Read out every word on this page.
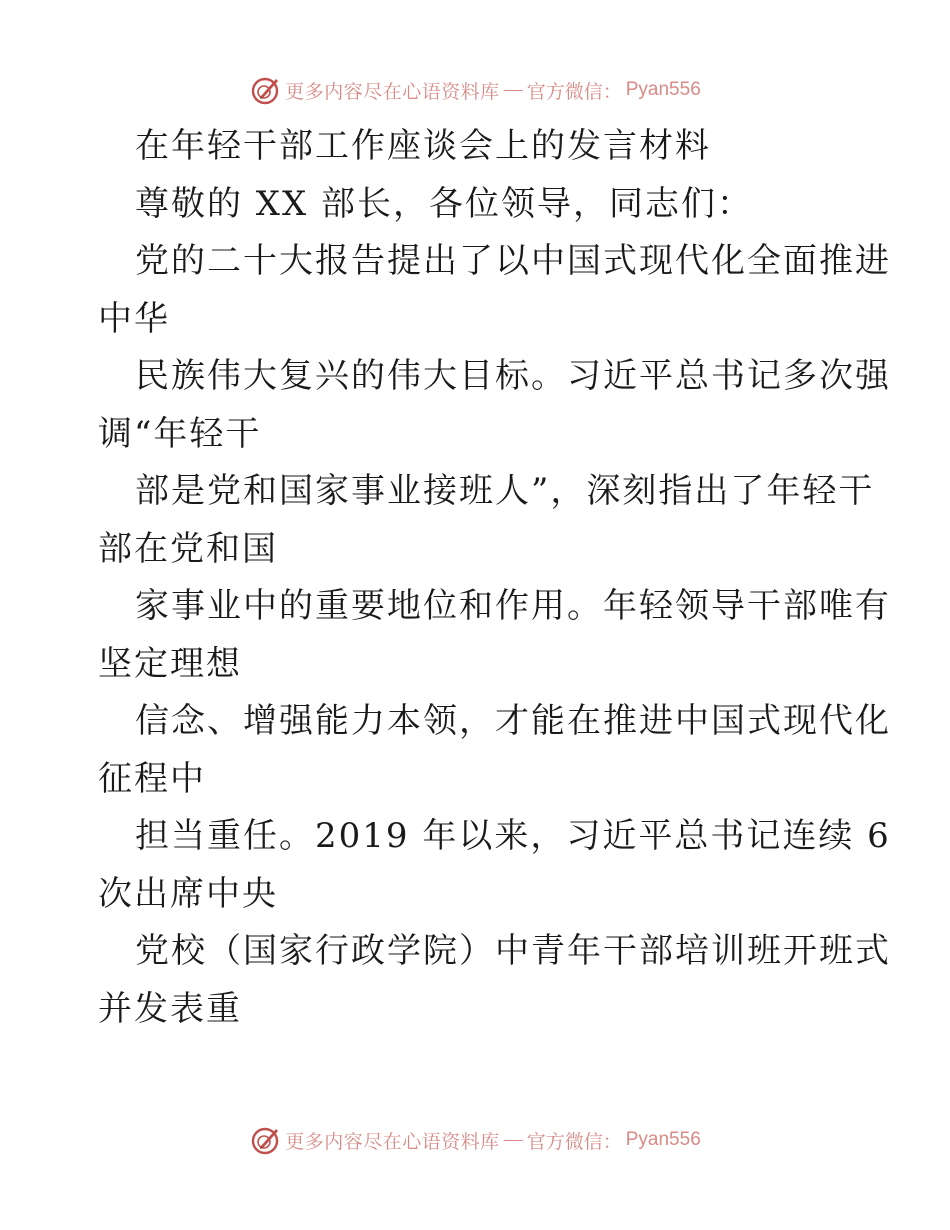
更多内容尽在心语资料库 — 官方微信： Pyan556
在年轻干部工作座谈会上的发言材料
尊敬的 XX 部长，各位领导，同志们：
党的二十大报告提出了以中国式现代化全面推进
中华
民族伟大复兴的伟大目标。习近平总书记多次强
调“年轻干
部是党和国家事业接班人”，深刻指出了年轻干
部在党和国
家事业中的重要地位和作用。年轻领导干部唯有
坚定理想
信念、增强能力本领，才能在推进中国式现代化
征程中
担当重任。2019 年以来，习近平总书记连续 6
次出席中央
党校（国家行政学院）中青年干部培训班开班式
并发表重
更多内容尽在心语资料库 — 官方微信： Pyan556
